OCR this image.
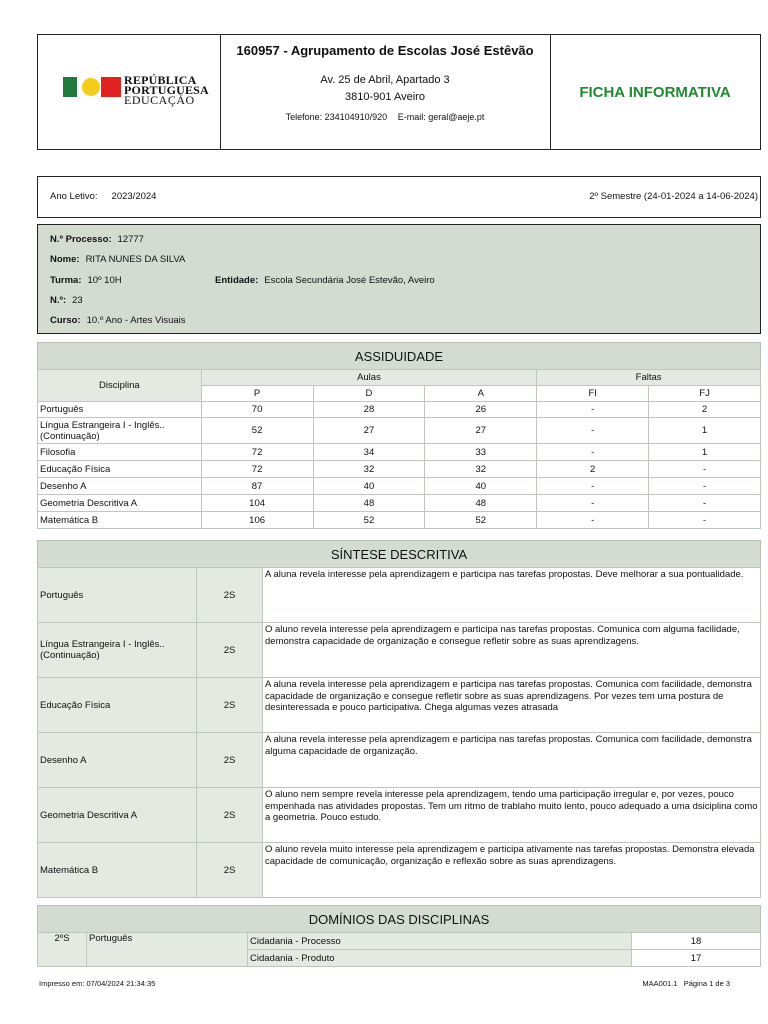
REPÚBLICA
PORTUGUESA
EDUCAÇÃO
160957 - Agrupamento de Escolas José Estêvão
Av. 25 de Abril, Apartado 3
3810-901 Aveiro
Telefone: 234104910/920 E-mail: geral@aeje.pt
FICHA INFORMATIVA
Ano Letivo: 2023/2024	2º Semestre (24-01-2024 a 14-06-2024)
N.º Processo: 12777
Nome: RITA NUNES DA SILVA
Turma: 10º 10H	Entidade: Escola Secundária José Estevão, Aveiro
N.º: 23
Curso: 10.º Ano - Artes Visuais
ASSIDUIDADE
Disciplina	Aulas			Faltas	
	P	D	A	FI	FJ
Português	70	28	26	-	2
Língua Estrangeira I - Inglês.. (Continuação)	52	27	27	-	1
Filosofia	72	34	33	-	1
Educação Física	72	32	32	2	-
Desenho A	87	40	40	-	-
Geometria Descritiva A	104	48	48	-	-
Matemática B	106	52	52	-	-
SÍNTESE DESCRITIVA
Português	2S	A aluna revela interesse pela aprendizagem e participa nas tarefas propostas. Deve melhorar a sua pontualidade.
Língua Estrangeira I - Inglês.. (Continuação)	2S	O aluno revela interesse pela aprendizagem e participa nas tarefas propostas. Comunica com alguma facilidade, demonstra capacidade de organização e consegue refletir sobre as suas aprendizagens.
Educação Física	2S	A aluna revela interesse pela aprendizagem e participa nas tarefas propostas. Comunica com facilidade, demonstra capacidade de organização e consegue refletir sobre as suas aprendizagens. Por vezes tem uma postura de desinteressada e pouco participativa. Chega algumas vezes atrasada
Desenho A	2S	A aluna revela interesse pela aprendizagem e participa nas tarefas propostas. Comunica com facilidade, demonstra alguma capacidade de organização.
Geometria Descritiva A	2S	O aluno nem sempre revela interesse pela aprendizagem, tendo uma participação irregular e, por vezes, pouco empenhada nas atividades propostas. Tem um ritmo de trablaho muito lento, pouco adequado a uma dsiciplina como a geometria. Pouco estudo.
Matemática B	2S	O aluno revela muito interesse pela aprendizagem e participa ativamente nas tarefas propostas. Demonstra elevada capacidade de comunicação, organização e reflexão sobre as suas aprendizagens.
DOMÍNIOS DAS DISCIPLINAS
2ºS	Português	Cidadania - Processo	18
		Cidadania - Produto	17
Impresso em: 07/04/2024 21:34:35	MAA001.1 Página 1 de 3
